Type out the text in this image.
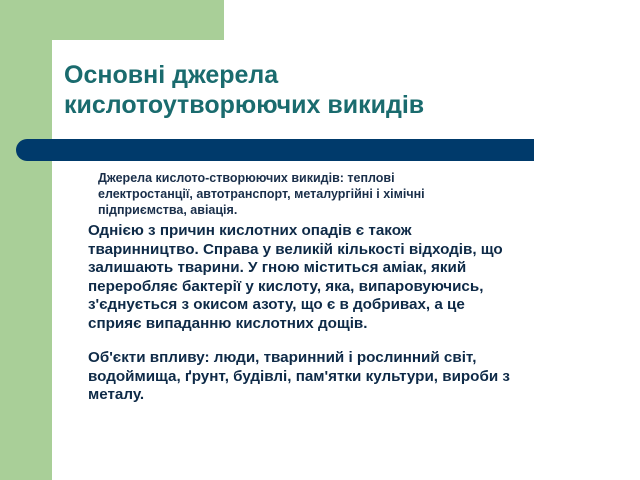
Основні джерела
кислотоутворюючих викидів

Джерела кислото-створюючих викидів: теплові
електростанції, автотранспорт, металургійні і хімічні
підприємства, авіація.

Однією з причин кислотних опадів є також
тваринництво. Справа у великій кількості відходів, що
залишають тварини. У гною міститься аміак, який
переробляє бактерії у кислоту, яка, випаровуючись,
з'єднується з окисом азоту, що є в добривах, а це
сприяє випаданню кислотних дощів.

Об'єкти впливу: люди, тваринний і рослинний світ,
водоймища, ґрунт, будівлі, пам'ятки культури, вироби з
металу.
